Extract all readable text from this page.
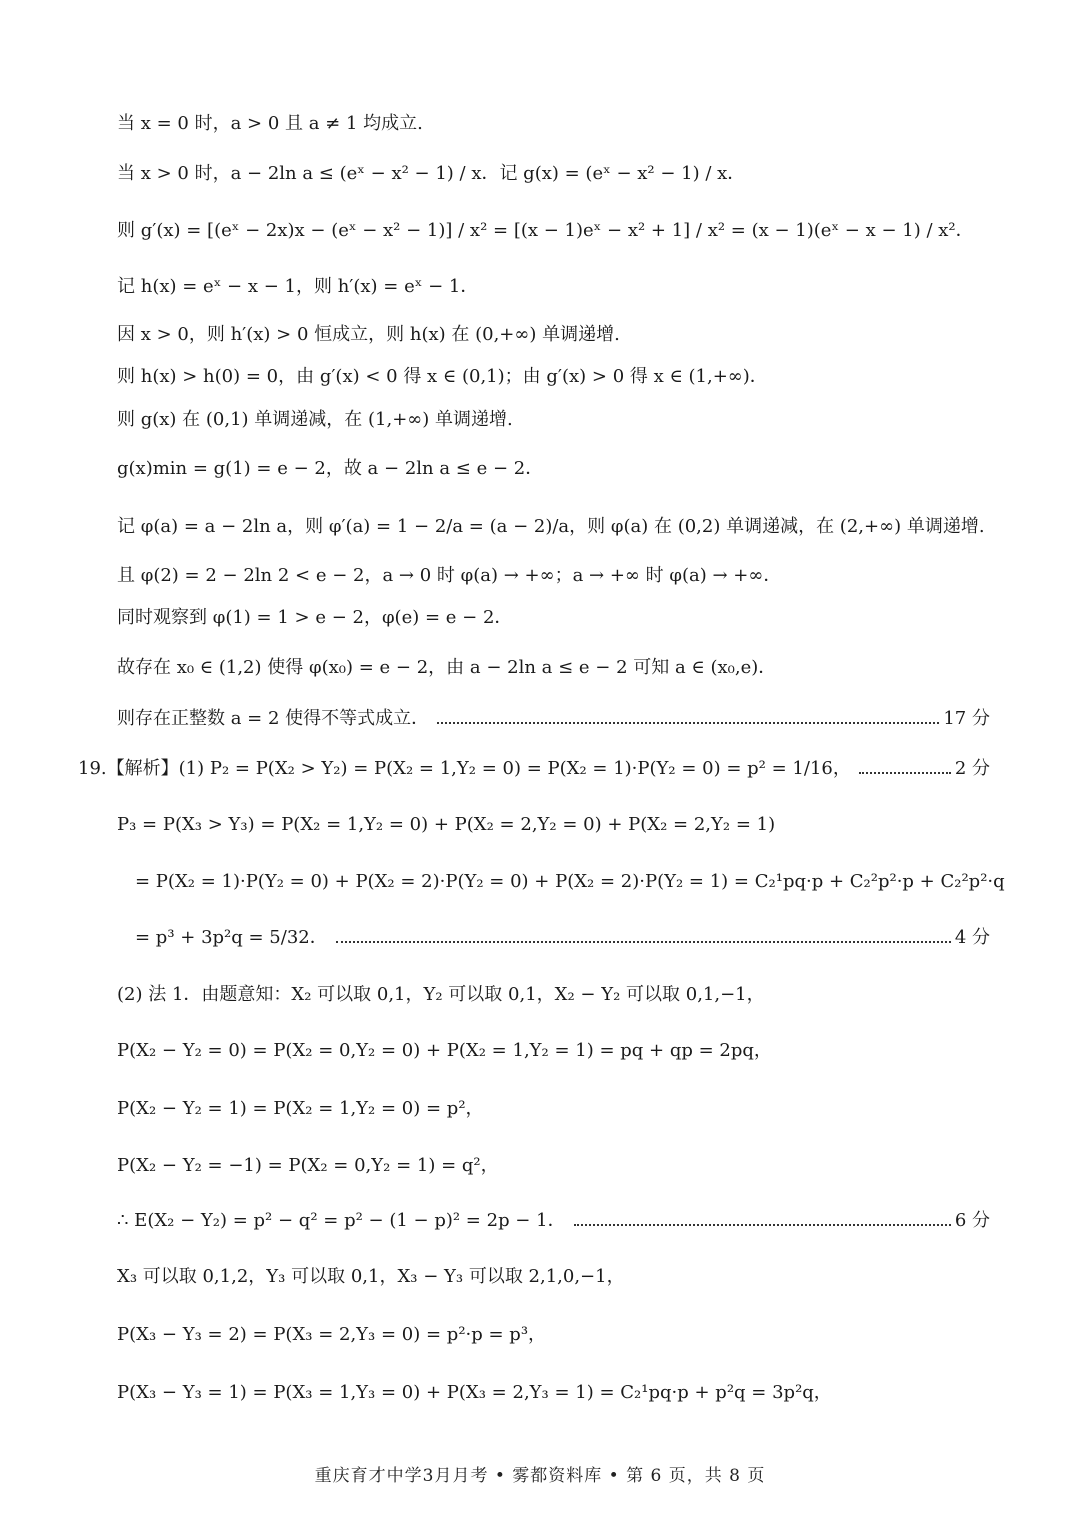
当 x = 0 时，a > 0 且 a ≠ 1 均成立.
当 x > 0 时，a − 2ln a ≤ (eˣ − x² − 1) / x．记 g(x) = (eˣ − x² − 1) / x．
则 g′(x) = [(eˣ − 2x)x − (eˣ − x² − 1)] / x² = [(x − 1)eˣ − x² + 1] / x² = (x − 1)(eˣ − x − 1) / x²．
记 h(x) = eˣ − x − 1，则 h′(x) = eˣ − 1．
因 x > 0，则 h′(x) > 0 恒成立，则 h(x) 在 (0,+∞) 单调递增.
则 h(x) > h(0) = 0，由 g′(x) < 0 得 x ∈ (0,1)；由 g′(x) > 0 得 x ∈ (1,+∞)．
则 g(x) 在 (0,1) 单调递减，在 (1,+∞) 单调递增.
g(x)min = g(1) = e − 2，故 a − 2ln a ≤ e − 2．
记 φ(a) = a − 2ln a，则 φ′(a) = 1 − 2/a = (a − 2)/a，则 φ(a) 在 (0,2) 单调递减，在 (2,+∞) 单调递增.
且 φ(2) = 2 − 2ln 2 < e − 2，a → 0 时 φ(a) → +∞；a → +∞ 时 φ(a) → +∞．
同时观察到 φ(1) = 1 > e − 2，φ(e) = e − 2．
故存在 x₀ ∈ (1,2) 使得 φ(x₀) = e − 2，由 a − 2ln a ≤ e − 2 可知 a ∈ (x₀,e)．
则存在正整数 a = 2 使得不等式成立．	17 分
19.【解析】(1) P₂ = P(X₂ > Y₂) = P(X₂ = 1,Y₂ = 0) = P(X₂ = 1)·P(Y₂ = 0) = p² = 1/16，	2 分
P₃ = P(X₃ > Y₃) = P(X₂ = 1,Y₂ = 0) + P(X₂ = 2,Y₂ = 0) + P(X₂ = 2,Y₂ = 1)
= P(X₂ = 1)·P(Y₂ = 0) + P(X₂ = 2)·P(Y₂ = 0) + P(X₂ = 2)·P(Y₂ = 1) = C₂¹pq·p + C₂²p²·p + C₂²p²·q
= p³ + 3p²q = 5/32．	4 分
(2) 法 1．由题意知：X₂ 可以取 0,1，Y₂ 可以取 0,1，X₂ − Y₂ 可以取 0,1,−1，
P(X₂ − Y₂ = 0) = P(X₂ = 0,Y₂ = 0) + P(X₂ = 1,Y₂ = 1) = pq + qp = 2pq，
P(X₂ − Y₂ = 1) = P(X₂ = 1,Y₂ = 0) = p²，
P(X₂ − Y₂ = −1) = P(X₂ = 0,Y₂ = 1) = q²，
∴ E(X₂ − Y₂) = p² − q² = p² − (1 − p)² = 2p − 1．	6 分
X₃ 可以取 0,1,2，Y₃ 可以取 0,1，X₃ − Y₃ 可以取 2,1,0,−1，
P(X₃ − Y₃ = 2) = P(X₃ = 2,Y₃ = 0) = p²·p = p³，
P(X₃ − Y₃ = 1) = P(X₃ = 1,Y₃ = 0) + P(X₃ = 2,Y₃ = 1) = C₂¹pq·p + p²q = 3p²q，
重庆育才中学3月月考 • 雾都资料库 • 第 6 页，共 8 页
